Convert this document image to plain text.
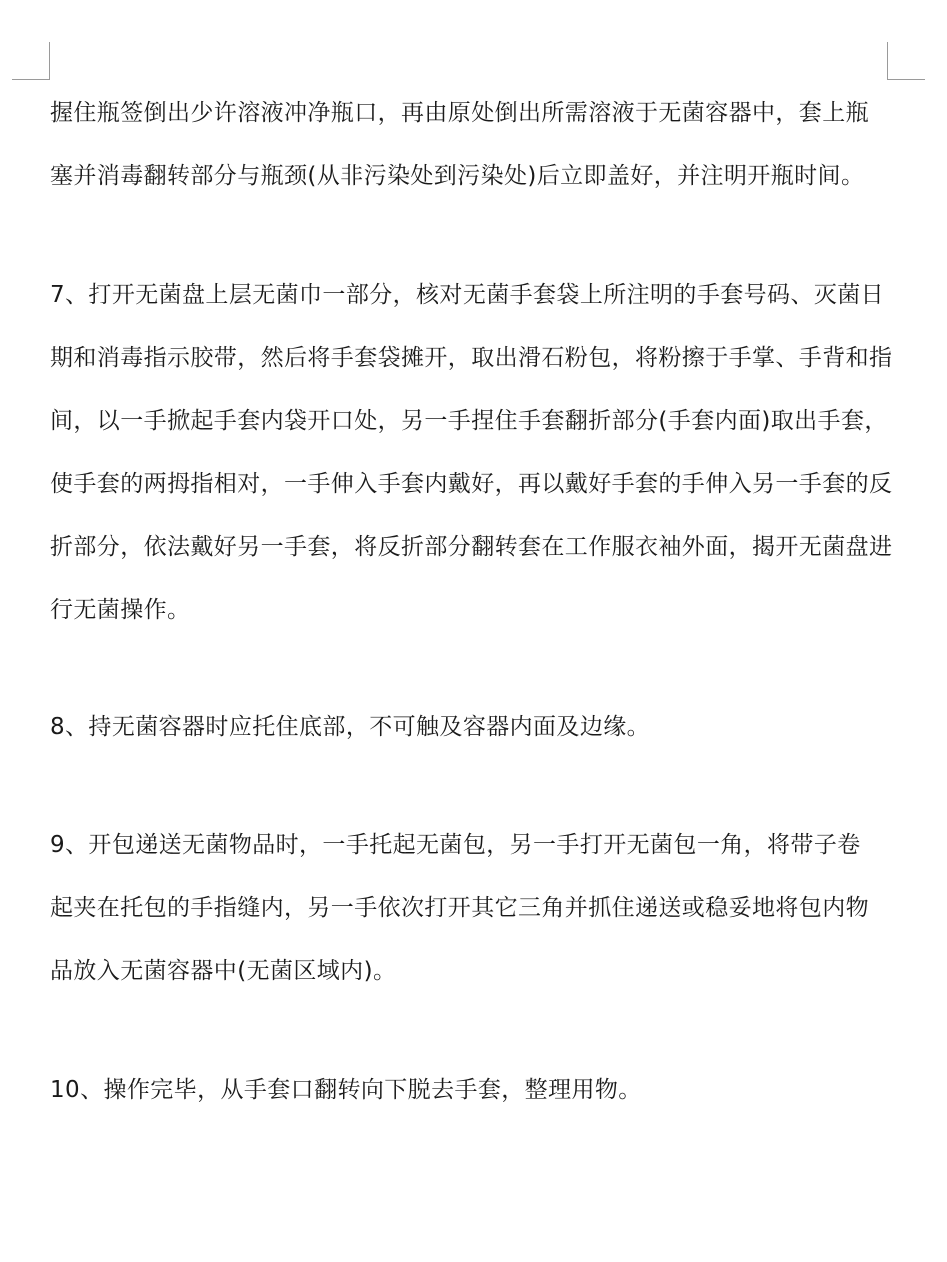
握住瓶签倒出少许溶液冲净瓶口，再由原处倒出所需溶液于无菌容器中，套上瓶塞并消毒翻转部分与瓶颈(从非污染处到污染处)后立即盖好，并注明开瓶时间。

7、打开无菌盘上层无菌巾一部分，核对无菌手套袋上所注明的手套号码、灭菌日期和消毒指示胶带，然后将手套袋摊开，取出滑石粉包，将粉擦于手掌、手背和指间，以一手掀起手套内袋开口处，另一手捏住手套翻折部分(手套内面)取出手套，使手套的两拇指相对，一手伸入手套内戴好，再以戴好手套的手伸入另一手套的反折部分，依法戴好另一手套，将反折部分翻转套在工作服衣袖外面，揭开无菌盘进行无菌操作。

8、持无菌容器时应托住底部，不可触及容器内面及边缘。

9、开包递送无菌物品时，一手托起无菌包，另一手打开无菌包一角，将带子卷起夹在托包的手指缝内，另一手依次打开其它三角并抓住递送或稳妥地将包内物品放入无菌容器中(无菌区域内)。

10、操作完毕，从手套口翻转向下脱去手套，整理用物。
